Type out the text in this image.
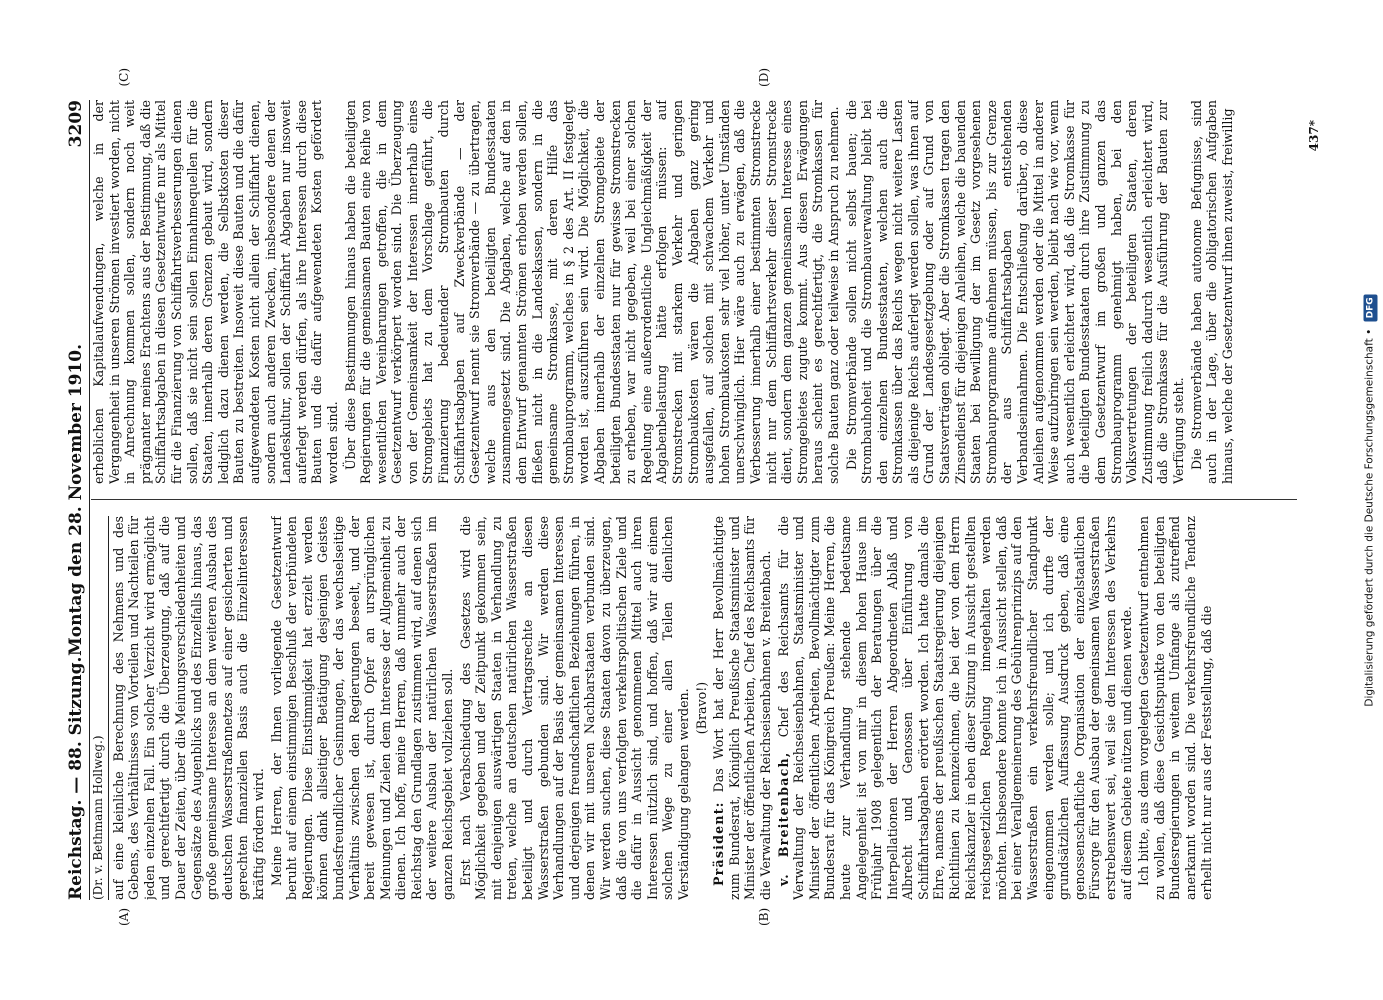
Reichstag. — 88. Sitzung.
Montag den 28. November 1910.
3209
(Dr. v. Bethmann Hollweg.) auf eine kleinliche Berechnung des Nehmens und des Gebens, des Verhältnisses von Vorteilen und Nachteilen für jeden einzelnen Fall. Ein solcher Verzicht wird ermöglicht und gerechtfertigt durch die Überzeugung, daß auf die Dauer der Zeiten, über die Meinungsverschiedenheiten und Gegensätze des Augenblicks und des Einzelfalls hinaus, das große gemeinsame Interesse an dem weiteren Ausbau des deutschen Wasserstraßennetzes auf einer gesicherten und gerechten finanziellen Basis auch die Einzelinteressen kräftig fördern wird. Meine Herren, der Ihnen vorliegende Gesetzentwurf beruht auf einem einstimmigen Beschluß der verbündeten Regierungen. Diese Einstimmigkeit hat erzielt werden können dank allseitiger Betätigung desjenigen Geistes bundesfreundlicher Gesinnungen, der das wechselseitige Verhältnis zwischen den Regierungen beseelt, und der bereit gewesen ist, durch Opfer an ursprünglichen Meinungen und Zielen dem Interesse der Allgemeinheit zu dienen. Ich hoffe, meine Herren, daß nunmehr auch der Reichstag den Grundlagen zustimmen wird, auf denen sich der weitere Ausbau der natürlichen Wasserstraßen im ganzen Reichsgebiet vollziehen soll. Erst nach Verabschiedung des Gesetzes wird die Möglichkeit gegeben und der Zeitpunkt gekommen sein, mit denjenigen auswärtigen Staaten in Verhandlung zu treten, welche an deutschen natürlichen Wasserstraßen beteiligt und durch Vertragsrechte an diesen Wasserstraßen gebunden sind. Wir werden diese Verhandlungen auf der Basis der gemeinsamen Interessen und derjenigen freundschaftlichen Beziehungen führen, in denen wir mit unseren Nachbarstaaten verbunden sind. Wir werden suchen, diese Staaten davon zu überzeugen, daß die von uns verfolgten verkehrspolitischen Ziele und die dafür in Aussicht genommenen Mittel auch ihren Interessen nützlich sind, und hoffen, daß wir auf einem solchen Wege zu einer allen Teilen dienlichen Verständigung gelangen werden. (Bravo!)

Präsident: Das Wort hat der Herr Bevollmächtigte zum Bundesrat, Königlich Preußische Staatsminister und Minister der öffentlichen Arbeiten, Chef des Reichsamts für die Verwaltung der Reichseisenbahnen v. Breitenbach. v. Breitenbach, Chef des Reichsamts für die Verwaltung der Reichseisenbahnen, Staatsminister und Minister der öffentlichen Arbeiten, Bevollmächtigter zum Bundesrat für das Königreich Preußen: Meine Herren, die heute zur Verhandlung stehende bedeutsame Angelegenheit ist von mir in diesem hohen Hause im Frühjahr 1908 gelegentlich der Beratungen über die Interpellationen der Herren Abgeordneten Ablaß und Albrecht und Genossen über Einführung von Schiffahrtsabgaben erörtert worden. Ich hatte damals die Ehre, namens der preußischen Staatsregierung diejenigen Richtlinien zu kennzeichnen, die bei der von dem Herrn Reichskanzler in eben dieser Sitzung in Aussicht gestellten reichsgesetzlichen Regelung innegehalten werden möchten. Insbesondere konnte ich in Aussicht stellen, daß bei einer Verallgemeinerung des Gebührenprinzips auf den Wasserstraßen ein verkehrsfreundlicher Standpunkt eingenommen werden solle; und ich durfte der grundsätzlichen Auffassung Ausdruck geben, daß eine genossenschaftliche Organisation der einzelstaatlichen Fürsorge für den Ausbau der gemeinsamen Wasserstraßen erstrebenswert sei, weil sie den Interessen des Verkehrs auf diesem Gebiete nützen und dienen werde. Ich bitte, aus dem vorgelegten Gesetzentwurf entnehmen zu wollen, daß diese Gesichtspunkte von den beteiligten Bundesregierungen in weitem Umfange als zutreffend anerkannt worden sind. Die verkehrsfreundliche Tendenz erhellt nicht nur aus der Feststellung, daß die

erheblichen Kapitalaufwendungen, welche in der Vergangenheit in unseren Strömen investiert worden, nicht in Anrechnung kommen sollen, sondern noch weit prägnanter meines Erachtens aus der Bestimmung, daß die Schiffahrtsabgaben in diesen Gesetzentwurfe nur als Mittel für die Finanzierung von Schiffahrtsverbesserungen dienen sollen, daß sie nicht sein sollen Einnahmequellen für die Staaten, innerhalb deren Grenzen gebaut wird, sondern lediglich dazu dienen werden, die Selbstkosten dieser Bauten zu bestreiten. Insoweit diese Bauten und die dafür aufgewendeten Kosten nicht allein der Schiffahrt dienen, sondern auch anderen Zwecken, insbesondere denen der Landeskultur, sollen der Schiffahrt Abgaben nur insoweit auferlegt werden dürfen, als ihre Interessen durch diese Bauten und die dafür aufgewendeten Kosten gefördert worden sind. Über diese Bestimmungen hinaus haben die beteiligten Regierungen für die gemeinsamen Bauten eine Reihe von wesentlichen Vereinbarungen getroffen, die in dem Gesetzentwurf verkörpert worden sind. Die Überzeugung von der Gemeinsamkeit der Interessen innerhalb eines Stromgebiets hat zu dem Vorschlage geführt, die Finanzierung bedeutender Strombauten durch Schiffahrtsabgaben auf Zweckverbände — der Gesetzentwurf nennt sie Stromverbände — zu übertragen, welche aus den beteiligten Bundesstaaten zusammengesetzt sind. Die Abgaben, welche auf den in dem Entwurf genannten Strömen erhoben werden sollen, fließen nicht in die Landeskassen, sondern in die gemeinsame Stromkasse, mit deren Hilfe das Strombauprogramm, welches in § 2 des Art. II festgelegt worden ist, auszuführen sein wird. Die Möglichkeit, die Abgaben innerhalb der einzelnen Stromgebiete der beteiligten Bundesstaaten nur für gewisse Stromstrecken zu erheben, war nicht gegeben, weil bei einer solchen Regelung eine außerordentliche Ungleichmäßigkeit der Abgabenbelastung hätte erfolgen müssen: auf Stromstrecken mit starkem Verkehr und geringen Strombaukosten wären die Abgaben ganz gering ausgefallen, auf solchen mit schwachem Verkehr und hohen Strombaukosten sehr viel höher, unter Umständen unerschwinglich. Hier wäre auch zu erwägen, daß die Verbesserung innerhalb einer bestimmten Stromstrecke nicht nur dem Schiffahrtsverkehr dieser Stromstrecke dient, sondern dem ganzen gemeinsamen Interesse eines Stromgebietes zugute kommt. Aus diesen Erwägungen heraus scheint es gerechtfertigt, die Stromkassen für solche Bauten ganz oder teilweise in Anspruch zu nehmen. Die Stromverbände sollen nicht selbst bauen; die Strombauhoheit und die Strombauverwaltung bleibt bei den einzelnen Bundesstaaten, welchen auch die Stromkassen über das Reichs wegen nicht weitere Lasten als diejenige Reichs auferlegt werden sollen, was ihnen auf Grund der Landesgesetzgebung oder auf Grund von Staatsverträgen obliegt. Aber die Stromkassen tragen den Zinsendienst für diejenigen Anleihen, welche die bauenden Staaten bei Bewilligung der im Gesetz vorgesehenen Strombauprogramme aufnehmen müssen, bis zur Grenze der aus Schiffahrtsabgaben entstehenden Verbandseinnahmen. Die Entschließung darüber, ob diese Anleihen aufgenommen werden oder die Mittel in anderer Weise aufzubringen sein werden, bleibt nach wie vor, wenn auch wesentlich erleichtert wird, daß die Stromkasse für die beteiligten Bundesstaaten durch ihre Zustimmung zu dem Gesetzentwurf im großen und ganzen das Strombauprogramm genehmigt haben, bei den Volksvertretungen der beteiligten Staaten, deren Zustimmung freilich dadurch wesentlich erleichtert wird, daß die Stromkasse für die Ausführung der Bauten zur Verfügung steht. Die Stromverbände haben autonome Befugnisse, sind auch in der Lage, über die obligatorischen Aufgaben hinaus, welche der Gesetzentwurf ihnen zuweist, freiwillig

(A)	(B)
(C)	(D)
437*
Digitalisierung gefördert durch die Deutsche Forschungsgemeinschaft • DFG
